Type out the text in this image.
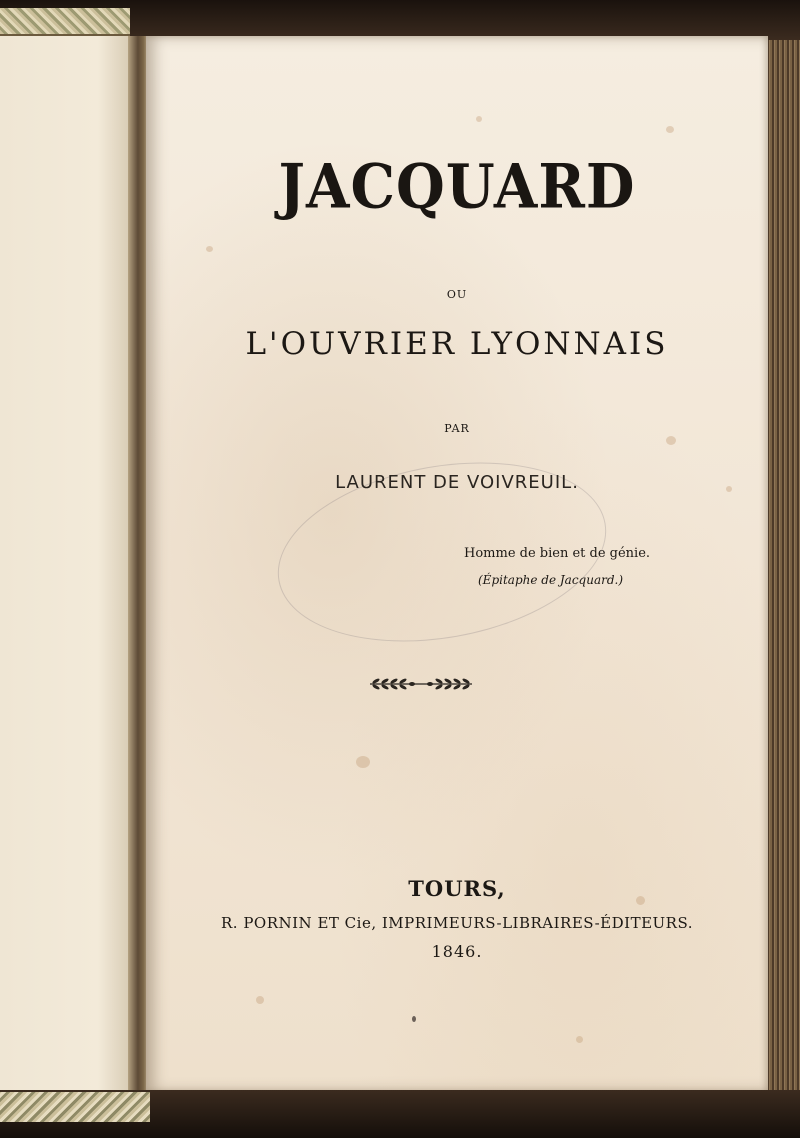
JACQUARD
OU
L'OUVRIER LYONNAIS
PAR
LAURENT DE VOIVREUIL.
Homme de bien et de génie.
(Épitaphe de Jacquard.)
TOURS,
R. PORNIN ET Cie, IMPRIMEURS-LIBRAIRES-ÉDITEURS.
1846.
